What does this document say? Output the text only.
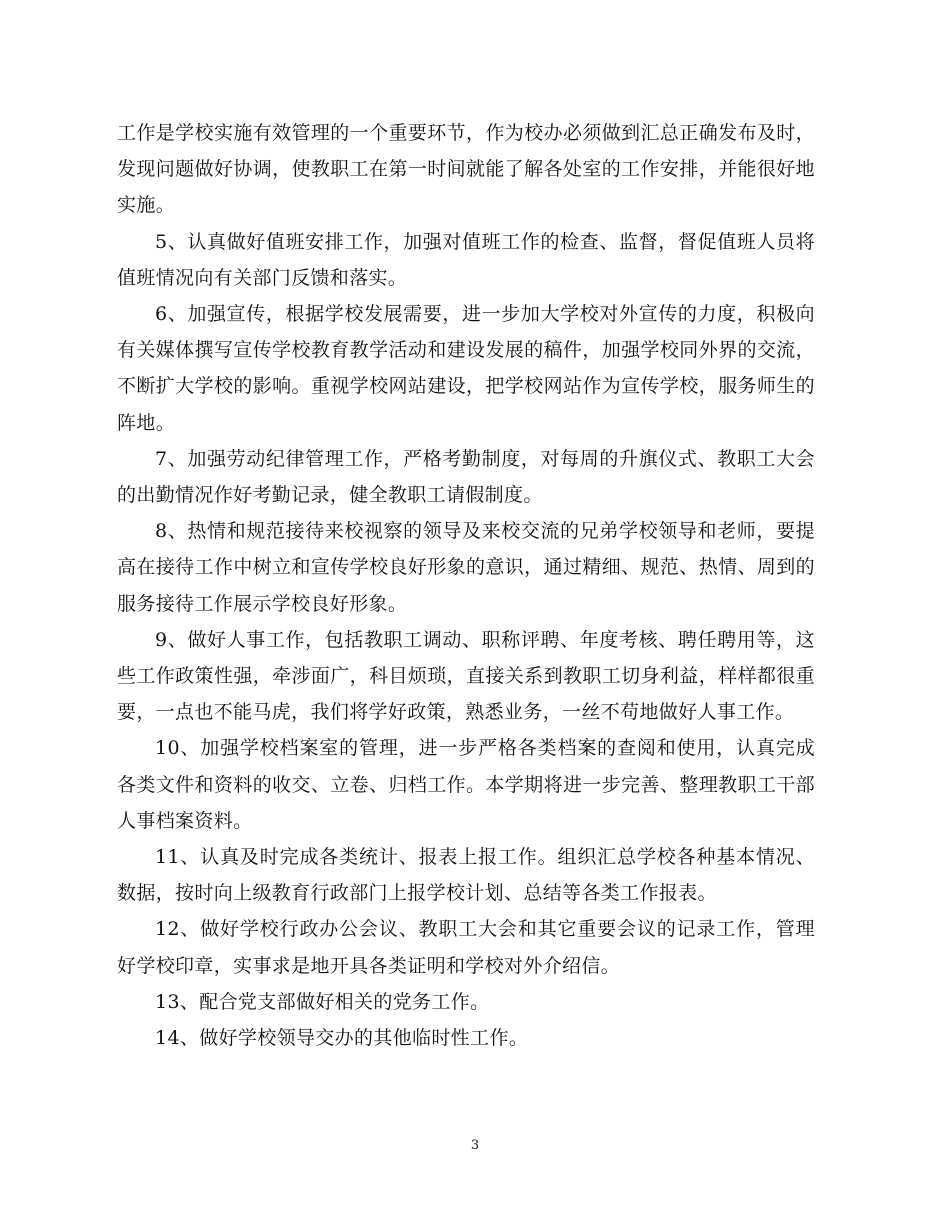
工作是学校实施有效管理的一个重要环节，作为校办必须做到汇总正确发布及时，发现问题做好协调，使教职工在第一时间就能了解各处室的工作安排，并能很好地实施。

5、认真做好值班安排工作，加强对值班工作的检查、监督，督促值班人员将值班情况向有关部门反馈和落实。

6、加强宣传，根据学校发展需要，进一步加大学校对外宣传的力度，积极向有关媒体撰写宣传学校教育教学活动和建设发展的稿件，加强学校同外界的交流，不断扩大学校的影响。重视学校网站建设，把学校网站作为宣传学校，服务师生的阵地。

7、加强劳动纪律管理工作，严格考勤制度，对每周的升旗仪式、教职工大会的出勤情况作好考勤记录，健全教职工请假制度。

8、热情和规范接待来校视察的领导及来校交流的兄弟学校领导和老师，要提高在接待工作中树立和宣传学校良好形象的意识，通过精细、规范、热情、周到的服务接待工作展示学校良好形象。

9、做好人事工作，包括教职工调动、职称评聘、年度考核、聘任聘用等，这些工作政策性强，牵涉面广，科目烦琐，直接关系到教职工切身利益，样样都很重要，一点也不能马虎，我们将学好政策，熟悉业务，一丝不苟地做好人事工作。

10、加强学校档案室的管理，进一步严格各类档案的查阅和使用，认真完成各类文件和资料的收交、立卷、归档工作。本学期将进一步完善、整理教职工干部人事档案资料。

11、认真及时完成各类统计、报表上报工作。组织汇总学校各种基本情况、数据，按时向上级教育行政部门上报学校计划、总结等各类工作报表。

12、做好学校行政办公会议、教职工大会和其它重要会议的记录工作，管理好学校印章，实事求是地开具各类证明和学校对外介绍信。

13、配合党支部做好相关的党务工作。

14、做好学校领导交办的其他临时性工作。

3
